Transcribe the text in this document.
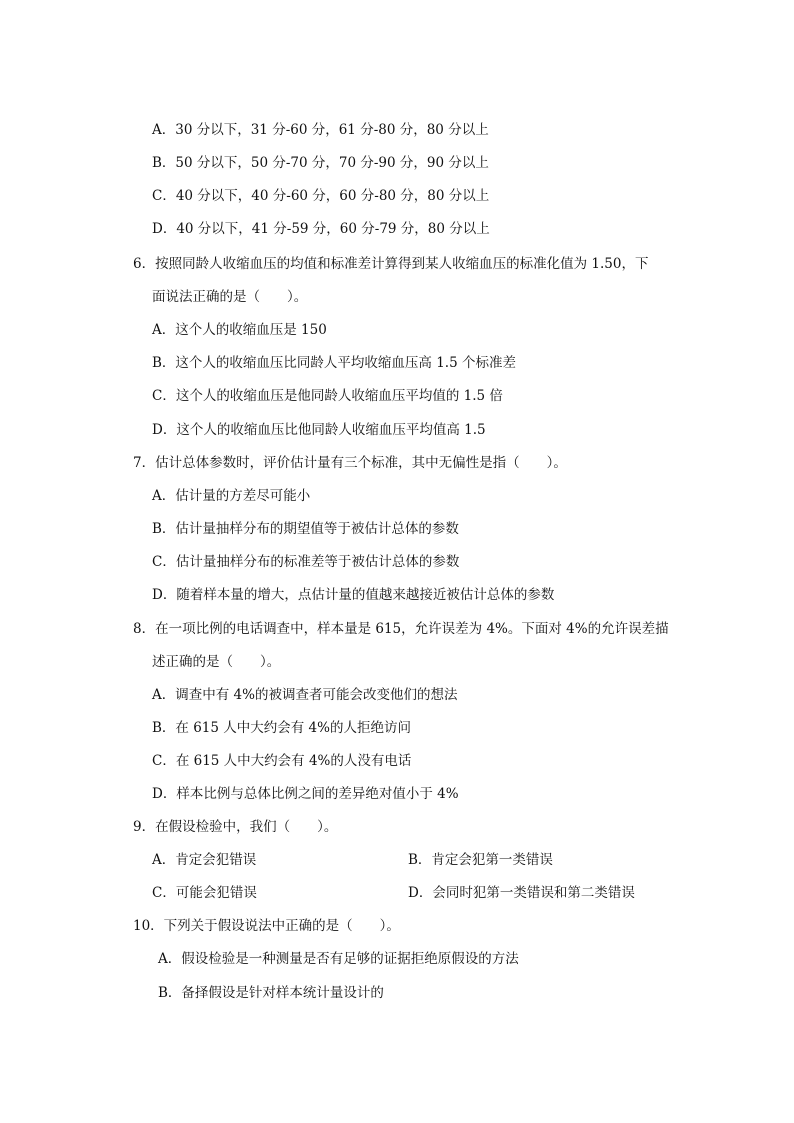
A．30 分以下，31 分-60 分，61 分-80 分，80 分以上
B．50 分以下，50 分-70 分，70 分-90 分，90 分以上
C．40 分以下，40 分-60 分，60 分-80 分，80 分以上
D．40 分以下，41 分-59 分，60 分-79 分，80 分以上
6．按照同龄人收缩血压的均值和标准差计算得到某人收缩血压的标准化值为 1.50，下
面说法正确的是（　　）。
A．这个人的收缩血压是 150
B．这个人的收缩血压比同龄人平均收缩血压高 1.5 个标准差
C．这个人的收缩血压是他同龄人收缩血压平均值的 1.5 倍
D．这个人的收缩血压比他同龄人收缩血压平均值高 1.5
7．估计总体参数时，评价估计量有三个标准，其中无偏性是指（　　）。
A．估计量的方差尽可能小
B．估计量抽样分布的期望值等于被估计总体的参数
C．估计量抽样分布的标准差等于被估计总体的参数
D．随着样本量的增大，点估计量的值越来越接近被估计总体的参数
8．在一项比例的电话调查中，样本量是 615，允许误差为 4%。下面对 4%的允许误差描
述正确的是（　　）。
A．调查中有 4%的被调查者可能会改变他们的想法
B．在 615 人中大约会有 4%的人拒绝访问
C．在 615 人中大约会有 4%的人没有电话
D．样本比例与总体比例之间的差异绝对值小于 4%
9．在假设检验中，我们（　　）。
A．肯定会犯错误	B．肯定会犯第一类错误
C．可能会犯错误	D．会同时犯第一类错误和第二类错误
10．下列关于假设说法中正确的是（　　）。
A．假设检验是一种测量是否有足够的证据拒绝原假设的方法
B．备择假设是针对样本统计量设计的
